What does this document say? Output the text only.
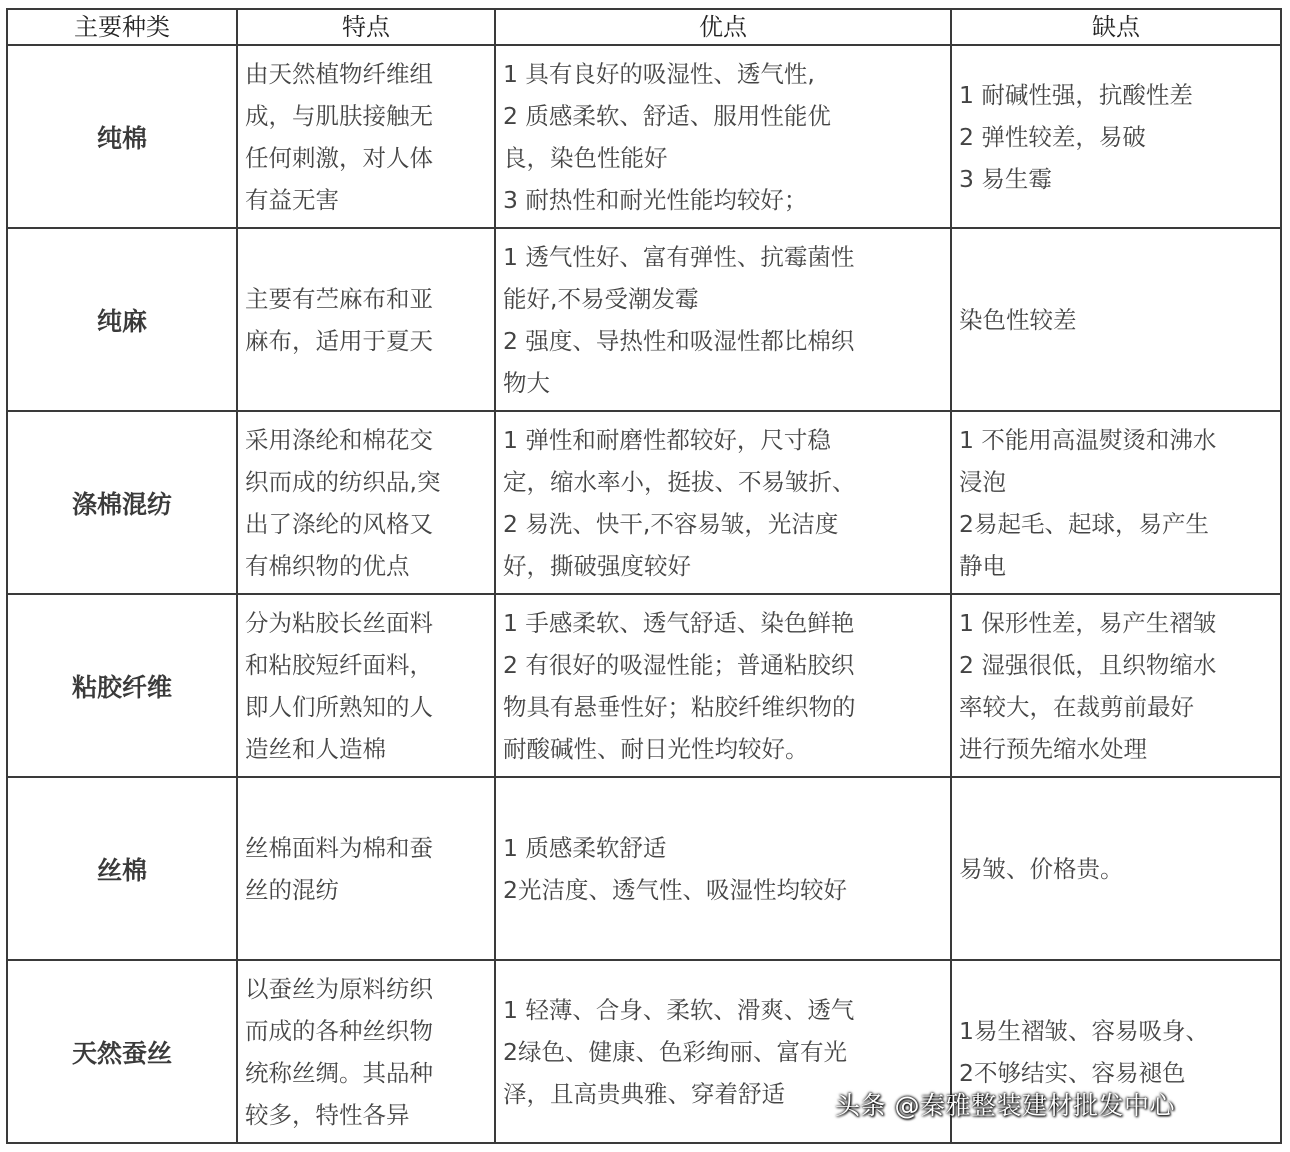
主要种类	特点	优点	缺点
纯棉	由天然植物纤维组
成，与肌肤接触无
任何刺激，对人体
有益无害	1 具有良好的吸湿性、透气性,
2 质感柔软、舒适、服用性能优
良，染色性能好
3 耐热性和耐光性能均较好；	1 耐碱性强，抗酸性差
2 弹性较差，易破
3 易生霉

纯麻	主要有苎麻布和亚
麻布，适用于夏天	1 透气性好、富有弹性、抗霉菌性
能好,不易受潮发霉
2 强度、导热性和吸湿性都比棉织
物大	染色性较差

涤棉混纺	采用涤纶和棉花交
织而成的纺织品,突
出了涤纶的风格又
有棉织物的优点	1 弹性和耐磨性都较好，尺寸稳
定，缩水率小，挺拔、不易皱折、
2 易洗、快干,不容易皱，光洁度
好，撕破强度较好	1 不能用高温熨烫和沸水
浸泡
2易起毛、起球，易产生
静电

粘胶纤维	分为粘胶长丝面料
和粘胶短纤面料，
即人们所熟知的人
造丝和人造棉	1 手感柔软、透气舒适、染色鲜艳
2 有很好的吸湿性能；普通粘胶织
物具有悬垂性好；粘胶纤维织物的
耐酸碱性、耐日光性均较好。	1 保形性差，易产生褶皱
2 湿强很低，且织物缩水
率较大，在裁剪前最好
进行预先缩水处理

丝棉	丝棉面料为棉和蚕
丝的混纺	1 质感柔软舒适
2光洁度、透气性、吸湿性均较好	易皱、价格贵。

天然蚕丝	以蚕丝为原料纺织
而成的各种丝织物
统称丝绸。其品种
较多，特性各异	1 轻薄、合身、柔软、滑爽、透气
2绿色、健康、色彩绚丽、富有光
泽，且高贵典雅、穿着舒适	1易生褶皱、容易吸身、
2不够结实、容易褪色
头条 @秦雅整装建材批发中心
